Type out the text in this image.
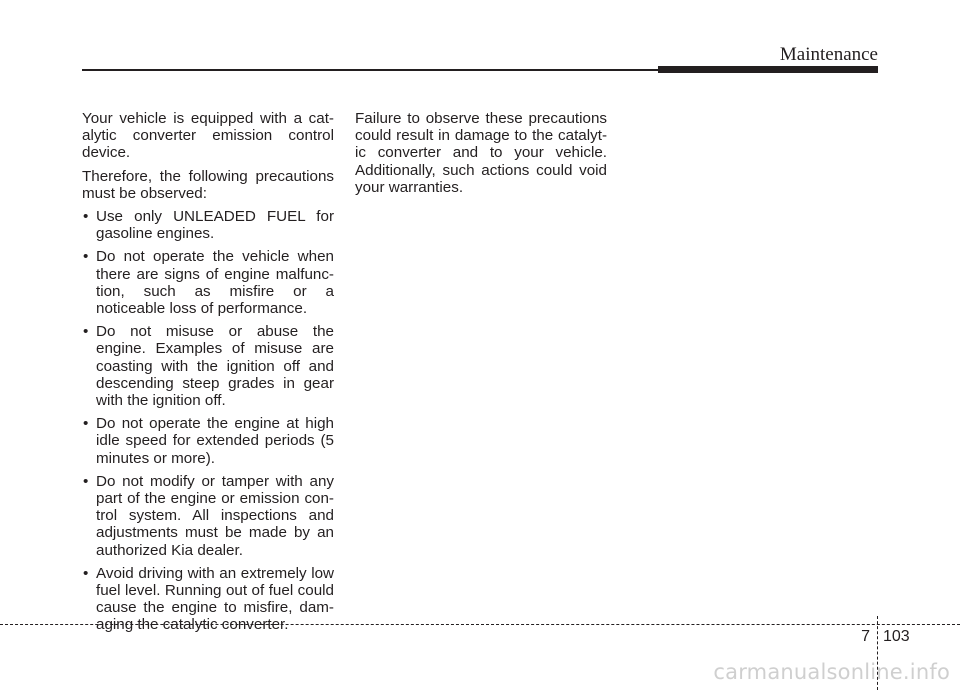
Maintenance

Your vehicle is equipped with a cat-alytic converter emission control device.

Therefore, the following precautions must be observed:

• Use only UNLEADED FUEL for gasoline engines.
• Do not operate the vehicle when there are signs of engine malfunc-tion, such as misfire or a noticeable loss of performance.
• Do not misuse or abuse the engine. Examples of misuse are coasting with the ignition off and descending steep grades in gear with the ignition off.
• Do not operate the engine at high idle speed for extended periods (5 minutes or more).
• Do not modify or tamper with any part of the engine or emission con-trol system. All inspections and adjustments must be made by an authorized Kia dealer.
• Avoid driving with an extremely low fuel level. Running out of fuel could cause the engine to misfire, dam-aging the catalytic converter.

Failure to observe these precautions could result in damage to the catalyt-ic converter and to your vehicle. Additionally, such actions could void your warranties.

7 103
carmanualsonline.info
